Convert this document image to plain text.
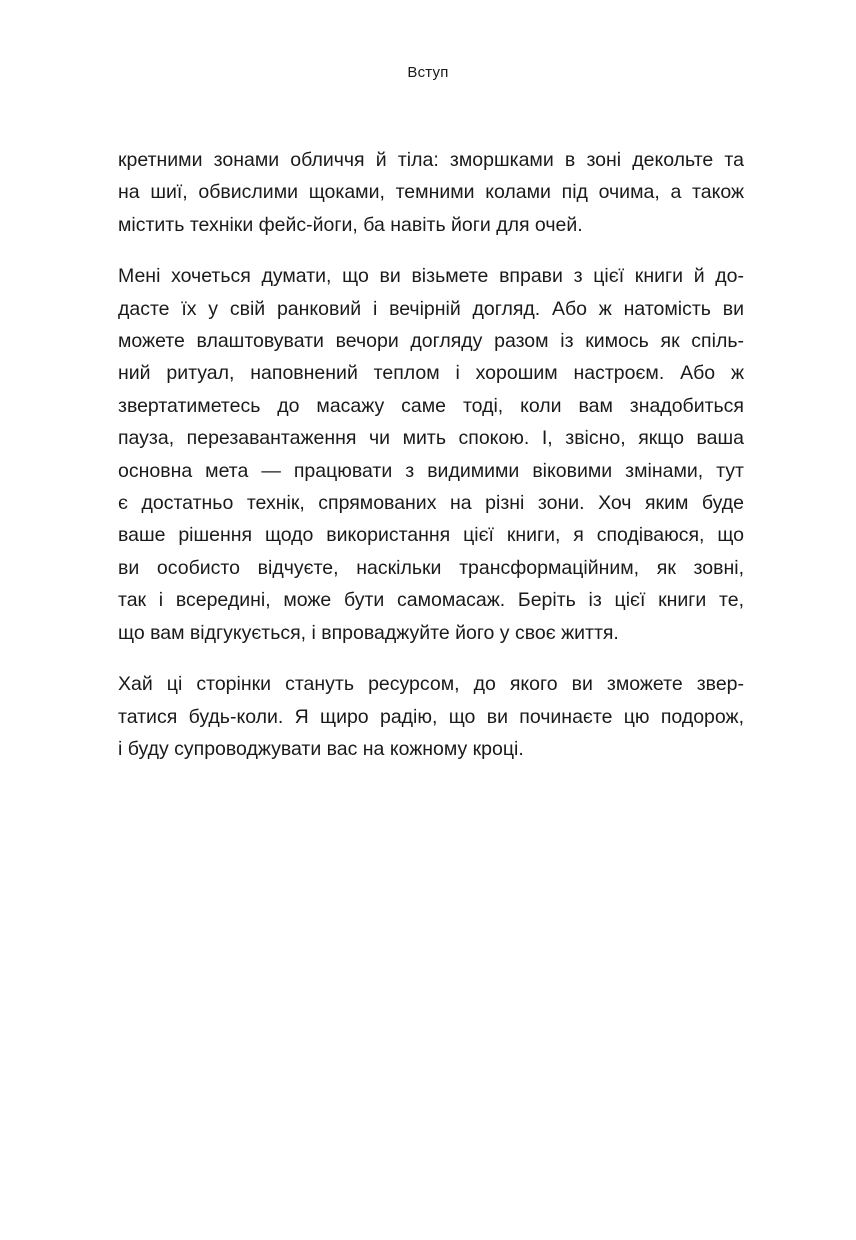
Вступ

кретними зонами обличчя й тіла: зморшками в зоні декольте та
на шиї, обвислими щоками, темними колами під очима, а також
містить техніки фейс-йоги, ба навіть йоги для очей.

Мені хочеться думати, що ви візьмете вправи з цієї книги й до-
дасте їх у свій ранковий і вечірній догляд. Або ж натомість ви
можете влаштовувати вечори догляду разом із кимось як спіль-
ний ритуал, наповнений теплом і хорошим настроєм. Або ж
звертатиметесь до масажу саме тоді, коли вам знадобиться
пауза, перезавантаження чи мить спокою. І, звісно, якщо ваша
основна мета — працювати з видимими віковими змінами, тут
є достатньо технік, спрямованих на різні зони. Хоч яким буде
ваше рішення щодо використання цієї книги, я сподіваюся, що
ви особисто відчуєте, наскільки трансформаційним, як зовні,
так і всередині, може бути самомасаж. Беріть із цієї книги те,
що вам відгукується, і впроваджуйте його у своє життя.

Хай ці сторінки стануть ресурсом, до якого ви зможете звер-
татися будь-коли. Я щиро радію, що ви починаєте цю подорож,
і буду супроводжувати вас на кожному кроці.
